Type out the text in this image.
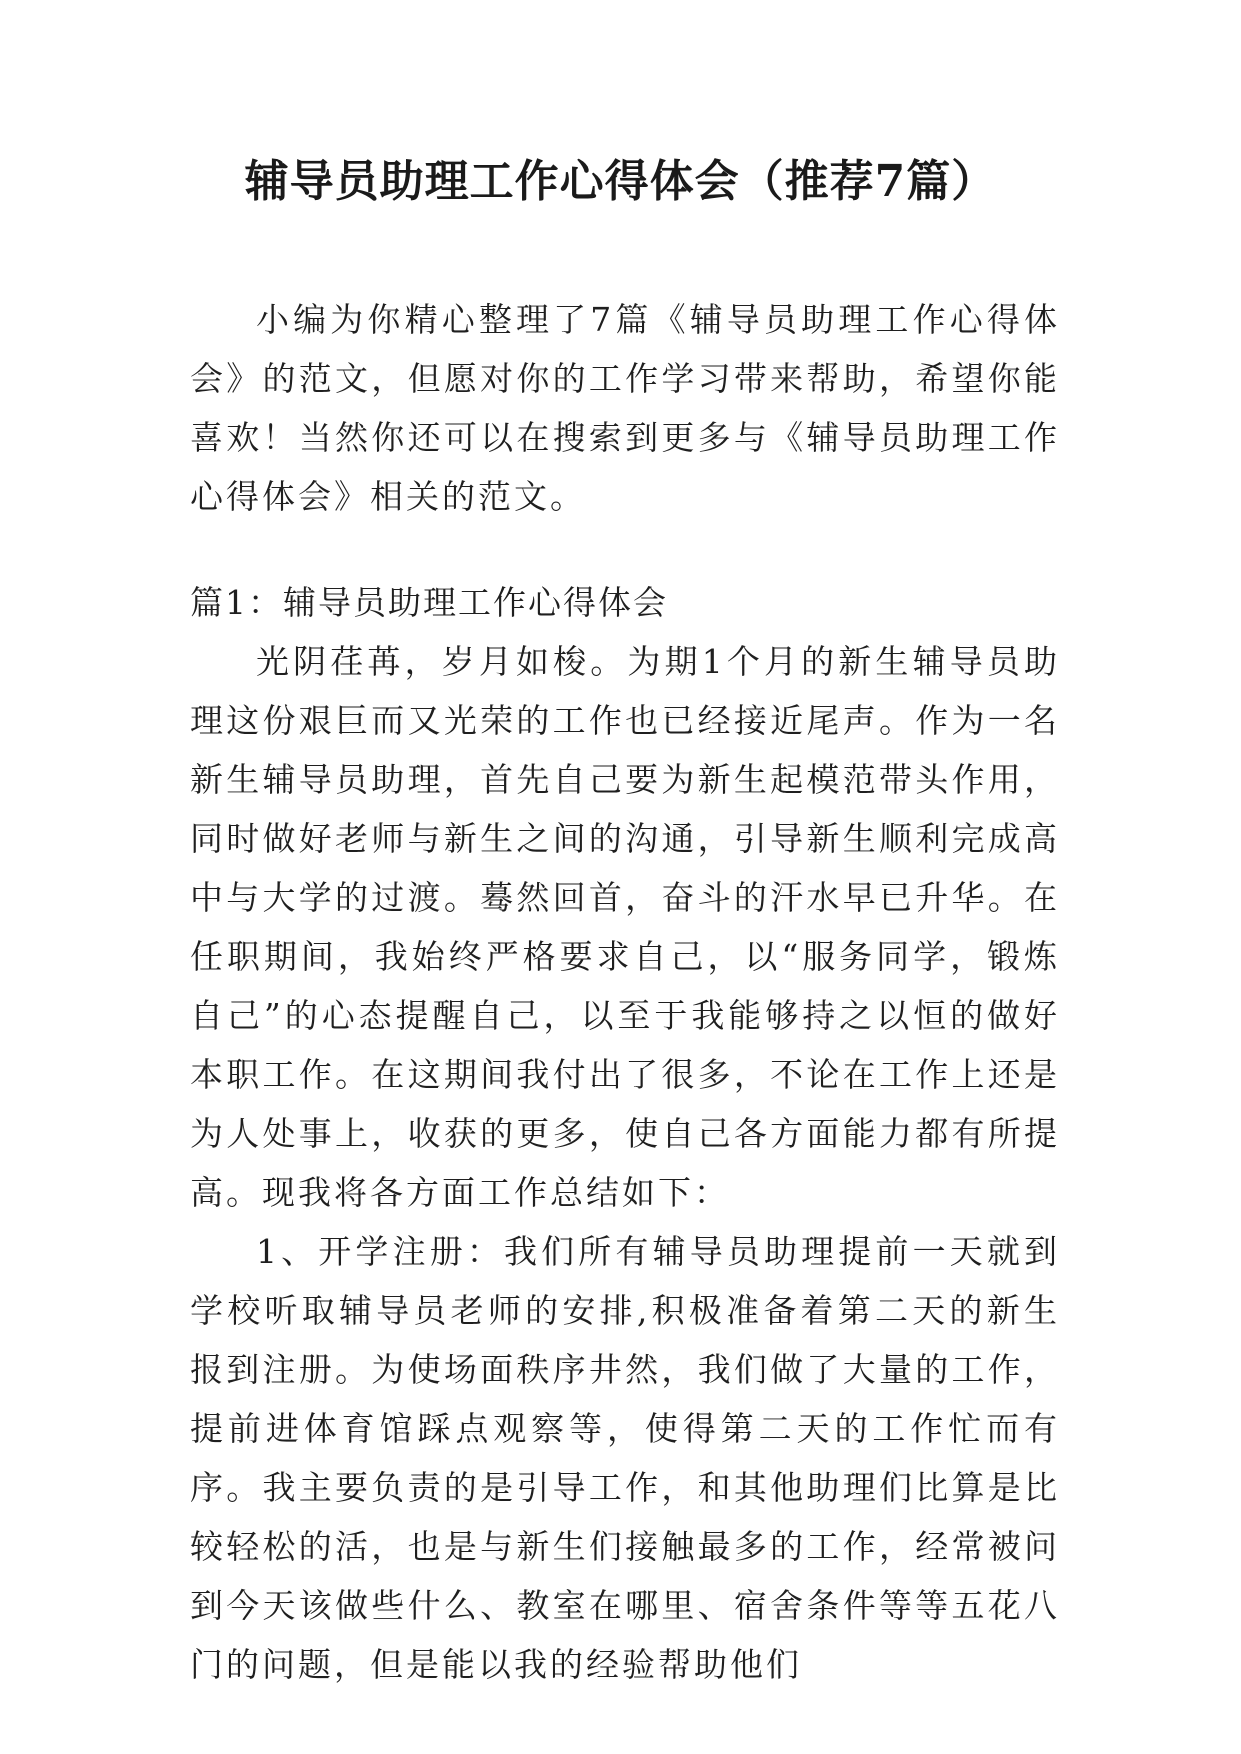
辅导员助理工作心得体会（推荐7篇）

小编为你精心整理了7篇《辅导员助理工作心得体会》的范文，但愿对你的工作学习带来帮助，希望你能喜欢！当然你还可以在搜索到更多与《辅导员助理工作心得体会》相关的范文。

篇1：辅导员助理工作心得体会

光阴荏苒，岁月如梭。为期1个月的新生辅导员助理这份艰巨而又光荣的工作也已经接近尾声。作为一名新生辅导员助理，首先自己要为新生起模范带头作用，同时做好老师与新生之间的沟通，引导新生顺利完成高中与大学的过渡。蓦然回首，奋斗的汗水早已升华。在任职期间，我始终严格要求自己，以“服务同学，锻炼自己”的心态提醒自己，以至于我能够持之以恒的做好本职工作。在这期间我付出了很多，不论在工作上还是为人处事上，收获的更多，使自己各方面能力都有所提高。现我将各方面工作总结如下：

1、开学注册：我们所有辅导员助理提前一天就到学校听取辅导员老师的安排,积极准备着第二天的新生报到注册。为使场面秩序井然，我们做了大量的工作，提前进体育馆踩点观察等，使得第二天的工作忙而有序。我主要负责的是引导工作，和其他助理们比算是比较轻松的活，也是与新生们接触最多的工作，经常被问到今天该做些什么、教室在哪里、宿舍条件等等五花八门的问题，但是能以我的经验帮助他们
